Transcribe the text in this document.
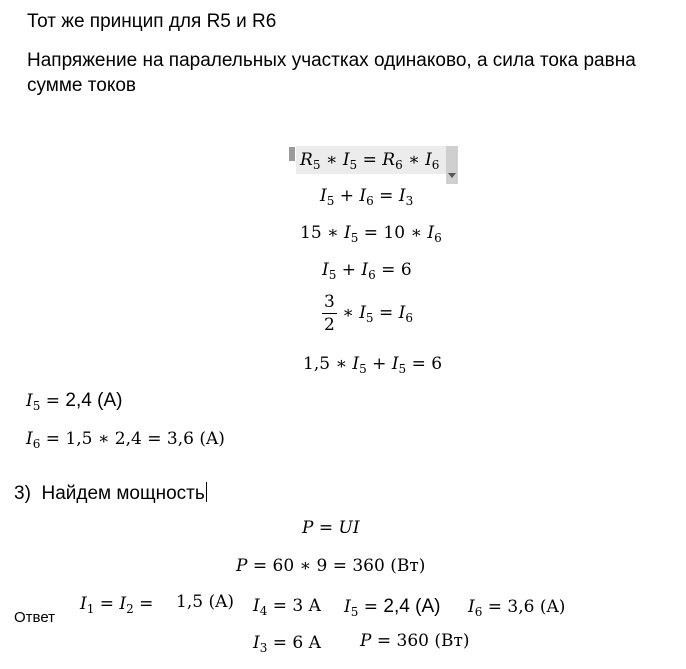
Тот же принцип для R5 и R6
Напряжение на паралельных участках одинаково, а сила тока равна
сумме токов
$R_5$ ∗ $I_5 = R_6$ ∗ $I_6$
$I_5 + I_6 = I_3$
15 ∗ $I_5 = 10$ ∗ $I_6$
$I_5 + I_6 = 6$
$\frac{3}{2}$ ∗ $I_5 = I_6$
1,5 ∗ $I_5 + I_5 = 6$
$I_5 = 2,4$ (A)
$I_6 = 1,5$ ∗ 2,4 = 3,6 (A)
3) Найдем мощность
P = UI
P = 60 ∗ 9 = 360 (Вт)
Ответ
$I_1 = I_2 = 1,5$ (A) $I_4 = 3$ A $I_5 = 2,4$ (A) $I_6 = 3,6$ (A)
$I_3 = 6$ A P = 360 (Вт)
